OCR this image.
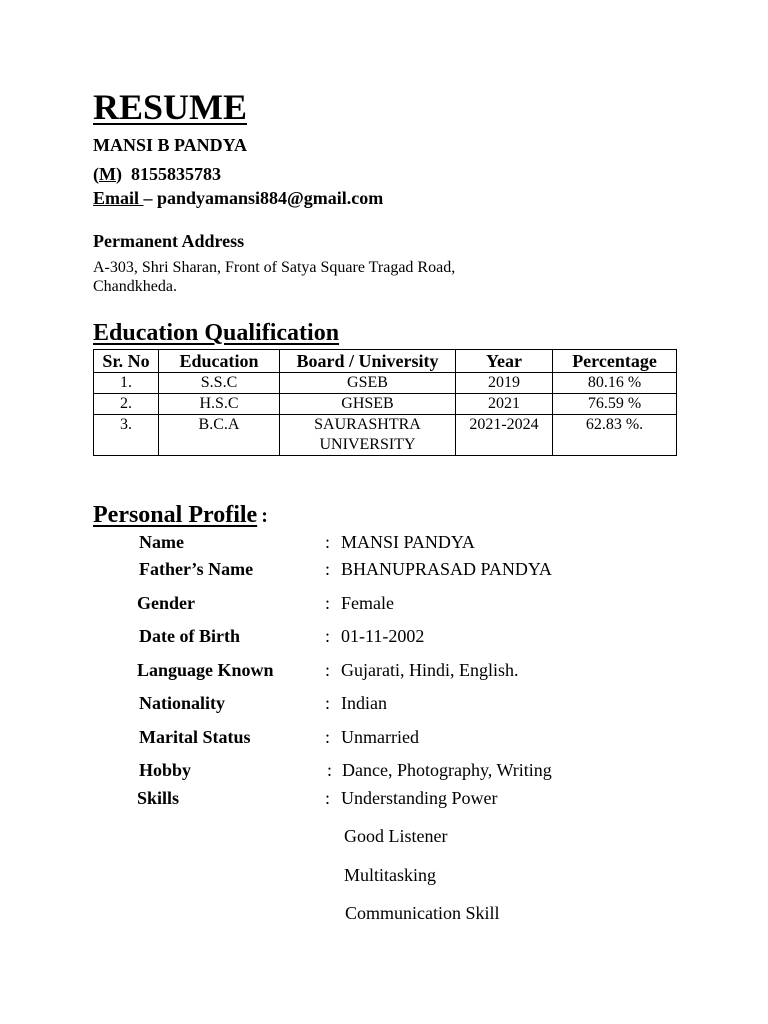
RESUME
MANSI B PANDYA
(M) 8155835783
Email – pandyamansi884@gmail.com
Permanent Address
A-303, Shri Sharan, Front of Satya Square Tragad Road, Chandkheda.
Education Qualification
Sr. No	Education	Board / University	Year	Percentage
1.	S.S.C	GSEB	2019	80.16 %
2.	H.S.C	GHSEB	2021	76.59 %
3.	B.C.A	SAURASHTRA UNIVERSITY	2021-2024	62.83 %.
Personal Profile :
Name	: MANSI PANDYA
Father’s Name	: BHANUPRASAD PANDYA
Gender	: Female
Date of Birth	: 01-11-2002
Language Known	: Gujarati, Hindi, English.
Nationality	: Indian
Marital Status	: Unmarried
Hobby	: Dance, Photography, Writing
Skills	: Understanding Power
Good Listener
Multitasking
Communication Skill
